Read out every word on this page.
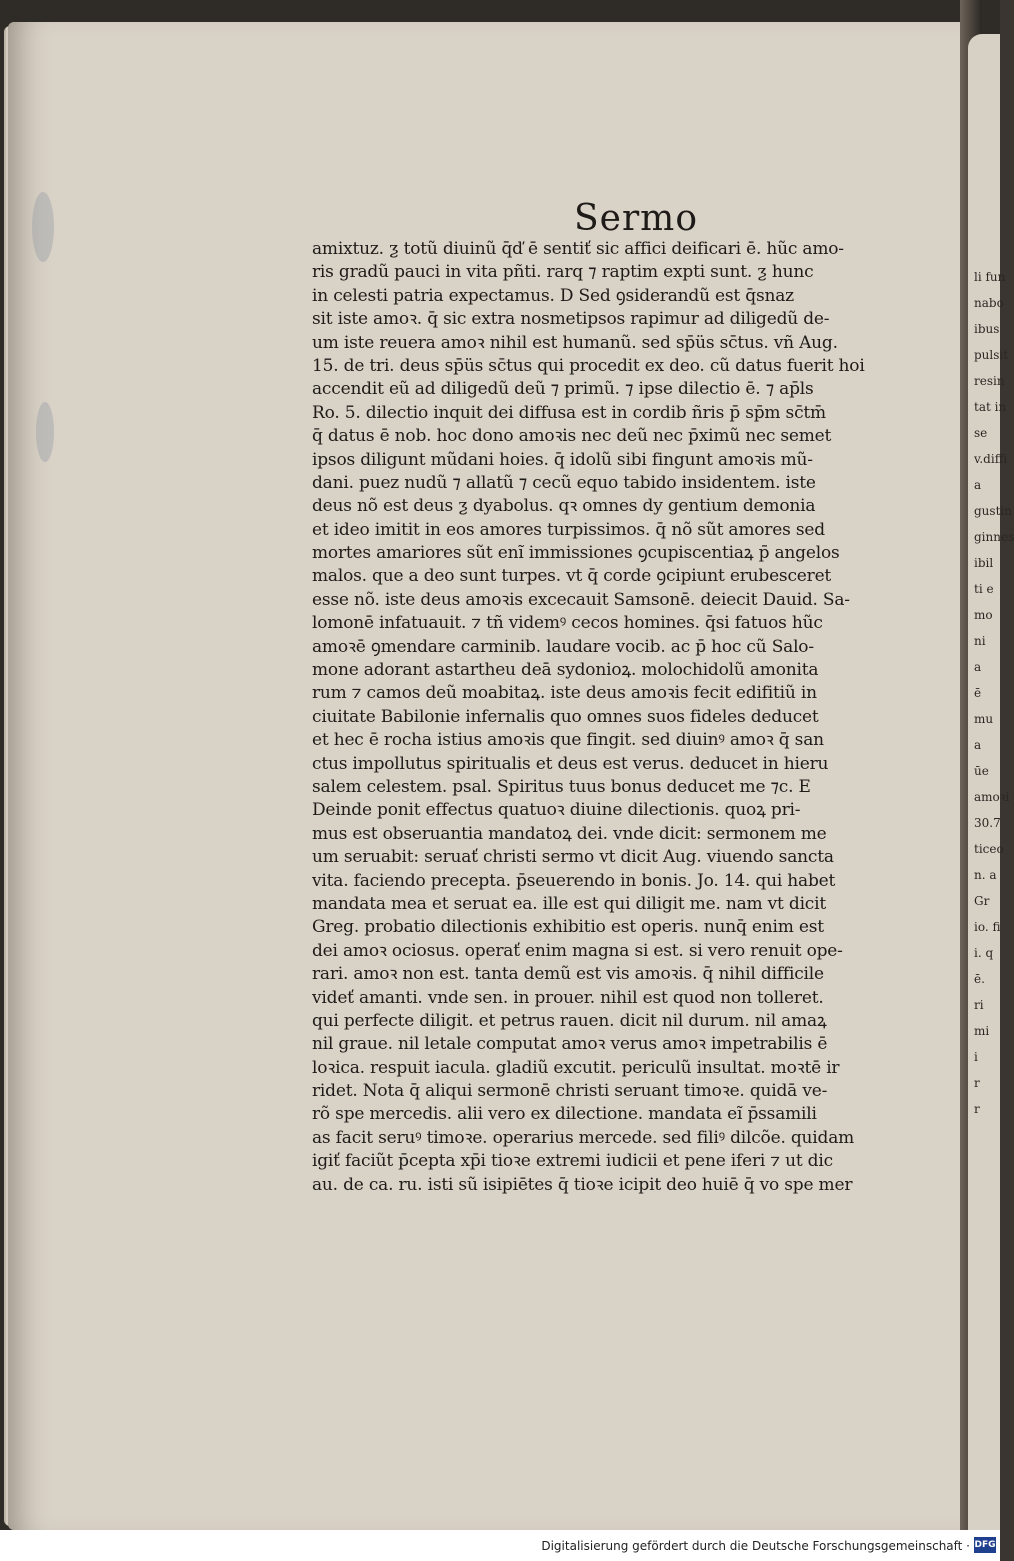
li fun
nabo
ibus
pulsit
resin
tat in
se
v.diffi
a
gustin
ginnes
ibil
ti e
mo
ni
a
ē
mu
a
ūe
amoꝛi
30.7
ticeo
n. a
Gr
io. fi
i. q
ē.
ri
mi
i
r
r
Sermo
amixtuz. ƺ totũ diuinũ q̄ď ē sentiť sic affici deificari ē. hũc amo-
ris gradũ pauci in vita pñti. rarq ⁊ raptim expti sunt. ƺ hunc
in celesti patria expectamus. D Sed ꝯsiderandũ est q̄snaz
sit iste amoꝛ. q̄ sic extra nosmetipsos rapimur ad diligedũ de-
um iste reuera amoꝛ nihil est humanũ. sed sp̄üs sc̄tus. vñ Aug.
15. de tri. deus sp̄üs sc̄tus qui procedit ex deo. cũ datus fuerit hoi
accendit eũ ad diligedũ deũ ⁊ primũ. ⁊ ipse dilectio ē. ⁊ ap̄ls
Ro. 5. dilectio inquit dei diffusa est in cordib ñris p̄ sp̄m sc̄tm̄
q̄ datus ē nob. hoc dono amoꝛis nec deũ nec p̄ximũ nec semet
ipsos diligunt mũdani hoies. q̄ idolũ sibi fingunt amoꝛis mũ-
dani. puez nudũ ⁊ allatũ ⁊ cecũ equo tabido insidentem. iste
deus nõ est deus ƺ dyabolus. qꝛ omnes dy gentium demonia
et ideo imitit in eos amores turpissimos. q̄ nõ sũt amores sed
mortes amariores sũt enĩ immissiones ꝯcupiscentiaꝝ p̄ angelos
malos. que a deo sunt turpes. vt q̄ corde ꝯcipiunt erubesceret
esse nõ. iste deus amoꝛis excecauit Samsonē. deiecit Dauid. Sa-
lomonē infatuauit. ⁊ tñ videmꝰ cecos homines. q̄si fatuos hũc
amoꝛē ꝯmendare carminib. laudare vocib. ac p̄ hoc cũ Salo-
mone adorant astartheu deā sydonioꝝ. molochidolũ amonita
rum ⁊ camos deũ moabitaꝝ. iste deus amoꝛis fecit edifitiũ in
ciuitate Babilonie infernalis quo omnes suos fideles deducet
et hec ē rocha istius amoꝛis que fingit. sed diuinꝰ amoꝛ q̄ san
ctus impollutus spiritualis et deus est verus. deducet in hieru
salem celestem. psal. Spiritus tuus bonus deducet me ⁊c. E
Deinde ponit effectus quatuoꝛ diuine dilectionis. quoꝝ pri-
mus est obseruantia mandatoꝝ dei. vnde dicit: sermonem me
um seruabit: seruať christi sermo vt dicit Aug. viuendo sancta
vita. faciendo precepta. p̄seuerendo in bonis. Jo. 14. qui habet
mandata mea et seruat ea. ille est qui diligit me. nam vt dicit
Greg. probatio dilectionis exhibitio est operis. nunq̄ enim est
dei amoꝛ ociosus. operať enim magna si est. si vero renuit ope-
rari. amoꝛ non est. tanta demũ est vis amoꝛis. q̄ nihil difficile
videť amanti. vnde sen. in prouer. nihil est quod non tolleret.
qui perfecte diligit. et petrus rauen. dicit nil durum. nil amaꝝ
nil graue. nil letale computat amoꝛ verus amoꝛ impetrabilis ē
loꝛica. respuit iacula. gladiũ excutit. periculũ insultat. moꝛtē ir
ridet. Nota q̄ aliqui sermonē christi seruant timoꝛe. quidā ve-
rõ spe mercedis. alii vero ex dilectione. mandata eĩ p̄ssamili
as facit seruꝰ timoꝛe. operarius mercede. sed filiꝰ dilcõe. quidam
igiť faciũt p̄cepta xp̄i tioꝛe extremi iudicii et pene iferi ⁊ ut dic
au. de ca. ru. isti sũ isipiētes q̄ tioꝛe icipit deo huiē q̄ vo spe mer
Digitalisierung gefördert durch die Deutsche Forschungsgemeinschaft · DFG
